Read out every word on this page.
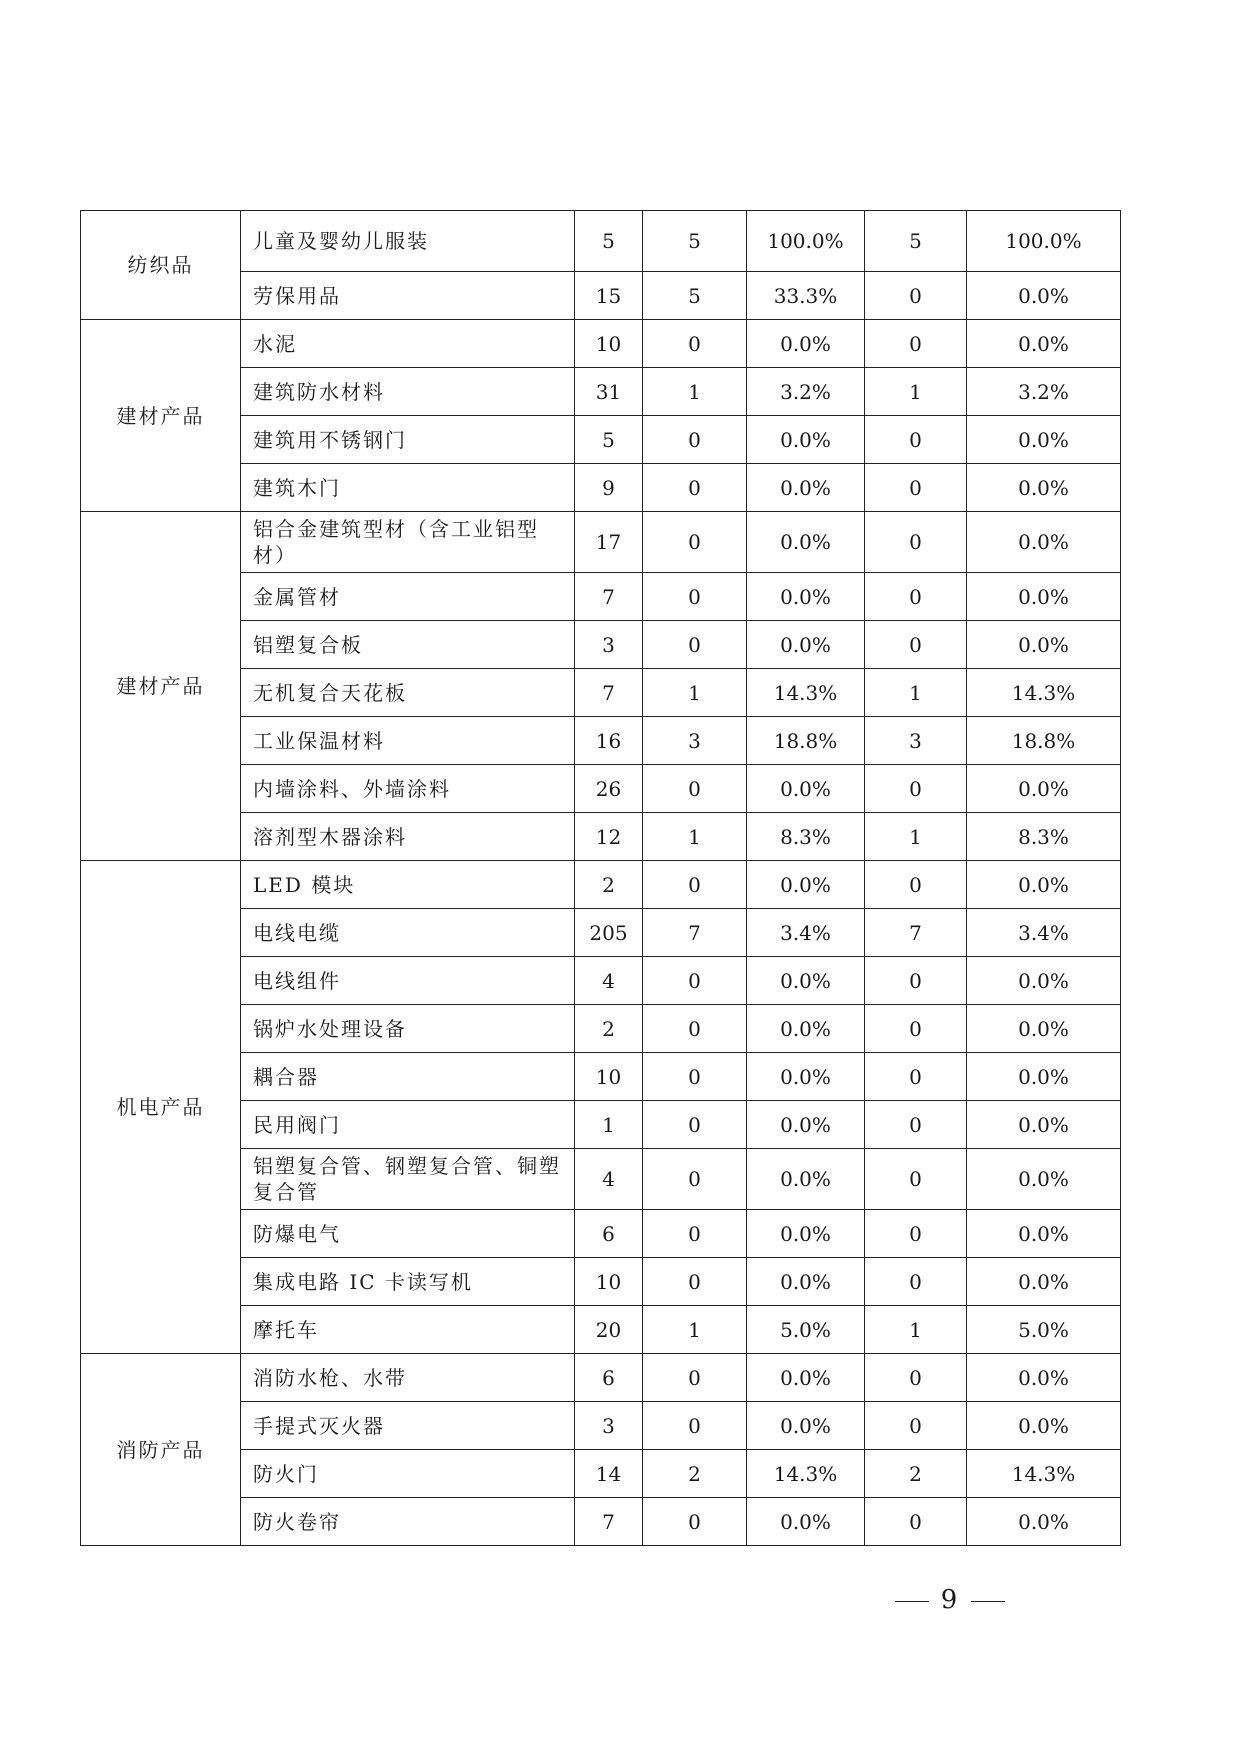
纺织品	儿童及婴幼儿服装	5	5	100.0%	5	100.0%
	劳保用品	15	5	33.3%	0	0.0%
建材产品	水泥	10	0	0.0%	0	0.0%
	建筑防水材料	31	1	3.2%	1	3.2%
	建筑用不锈钢门	5	0	0.0%	0	0.0%
	建筑木门	9	0	0.0%	0	0.0%
建材产品	铝合金建筑型材（含工业铝型材）	17	0	0.0%	0	0.0%
	金属管材	7	0	0.0%	0	0.0%
	铝塑复合板	3	0	0.0%	0	0.0%
	无机复合天花板	7	1	14.3%	1	14.3%
	工业保温材料	16	3	18.8%	3	18.8%
	内墙涂料、外墙涂料	26	0	0.0%	0	0.0%
	溶剂型木器涂料	12	1	8.3%	1	8.3%
机电产品	LED 模块	2	0	0.0%	0	0.0%
	电线电缆	205	7	3.4%	7	3.4%
	电线组件	4	0	0.0%	0	0.0%
	锅炉水处理设备	2	0	0.0%	0	0.0%
	耦合器	10	0	0.0%	0	0.0%
	民用阀门	1	0	0.0%	0	0.0%
	铝塑复合管、钢塑复合管、铜塑复合管	4	0	0.0%	0	0.0%
	防爆电气	6	0	0.0%	0	0.0%
	集成电路 IC 卡读写机	10	0	0.0%	0	0.0%
	摩托车	20	1	5.0%	1	5.0%
消防产品	消防水枪、水带	6	0	0.0%	0	0.0%
	手提式灭火器	3	0	0.0%	0	0.0%
	防火门	14	2	14.3%	2	14.3%
	防火卷帘	7	0	0.0%	0	0.0%
9
